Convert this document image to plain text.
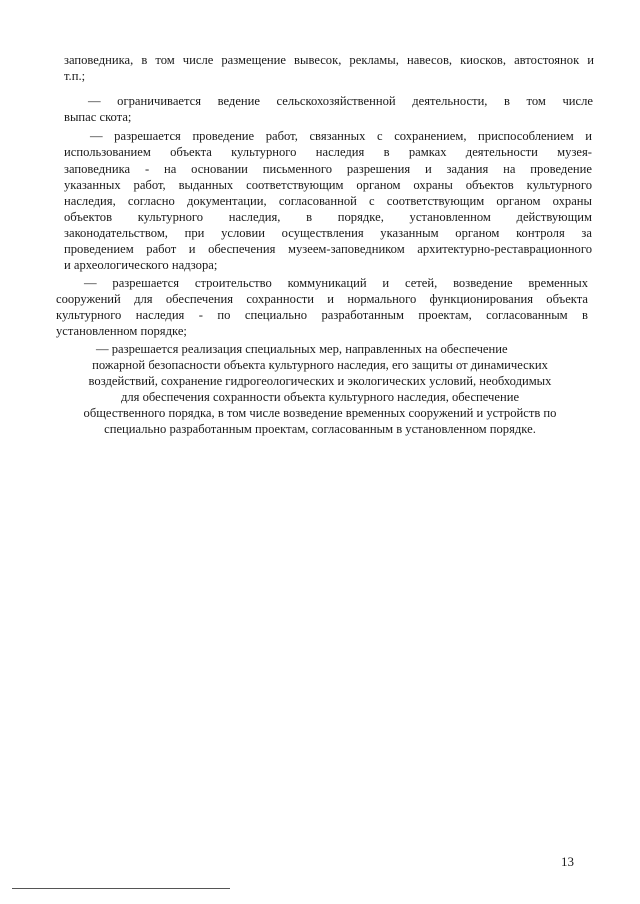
заповедника, в том числе размещение вывесок, рекламы, навесов, киосков, автостоянок и
т.п.;
— ограничивается ведение сельскохозяйственной деятельности, в том числе
выпас скота;
— разрешается проведение работ, связанных с сохранением, приспособлением и
использованием объекта культурного наследия в рамках деятельности музея-
заповедника - на основании письменного разрешения и задания на проведение
указанных работ, выданных соответствующим органом охраны объектов культурного
наследия, согласно документации, согласованной с соответствующим органом охраны
объектов культурного наследия, в порядке, установленном действующим
законодательством, при условии осуществления указанным органом контроля за
проведением работ и обеспечения музеем-заповедником архитектурно-реставрационного
и археологического надзора;
— разрешается строительство коммуникаций и сетей, возведение временных
сооружений для обеспечения сохранности и нормального функционирования объекта
культурного наследия - по специально разработанным проектам, согласованным в
установленном порядке;
— разрешается реализация специальных мер, направленных на обеспечение
пожарной безопасности объекта культурного наследия, его защиты от динамических
воздействий, сохранение гидрогеологических и экологических условий, необходимых
для обеспечения сохранности объекта культурного наследия, обеспечение
общественного порядка, в том числе возведение временных сооружений и устройств по
специально разработанным проектам, согласованным в установленном порядке.
13
